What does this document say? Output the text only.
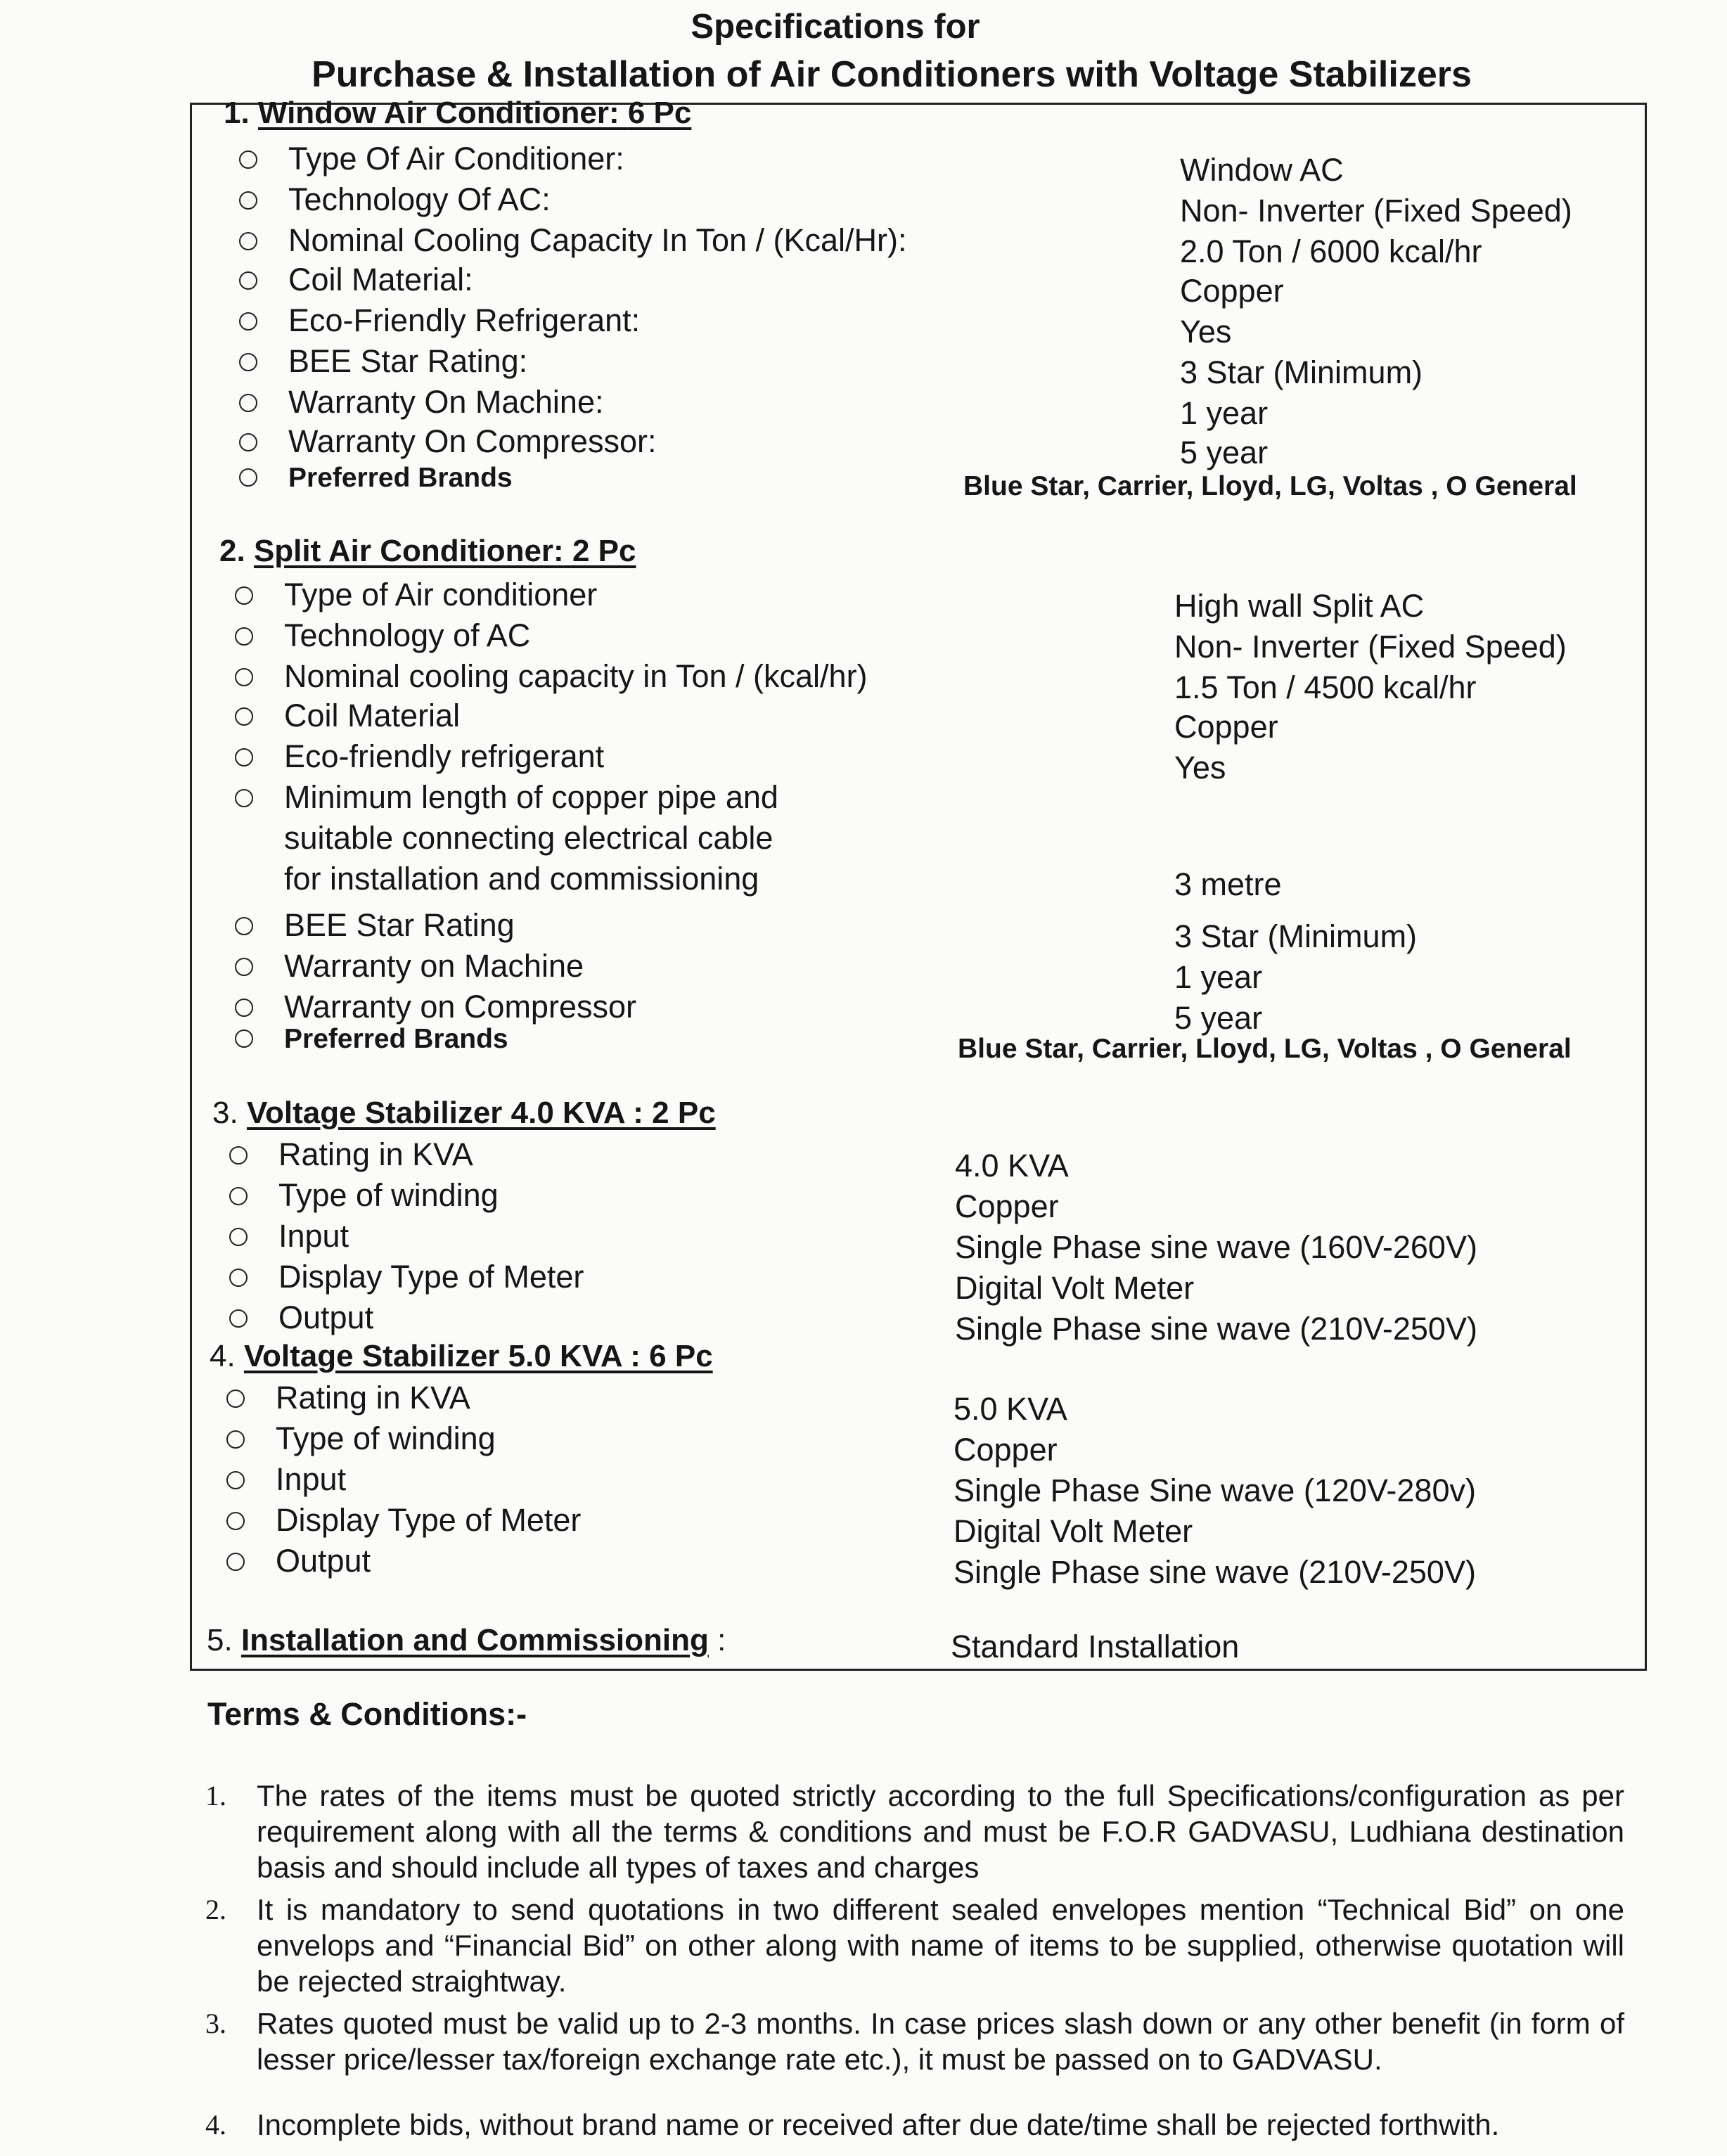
Specifications for
Purchase & Installation of Air Conditioners with Voltage Stabilizers
1. Window Air Conditioner: 6 Pc
Type Of Air Conditioner:	Window AC
Technology Of AC:	Non- Inverter (Fixed Speed)
Nominal Cooling Capacity In Ton / (Kcal/Hr):	2.0 Ton / 6000 kcal/hr
Coil Material:	Copper
Eco-Friendly Refrigerant:	Yes
BEE Star Rating:	3 Star (Minimum)
Warranty On Machine:	1 year
Warranty On Compressor:	5 year
Preferred Brands	Blue Star, Carrier, Lloyd, LG, Voltas , O General
2. Split Air Conditioner: 2 Pc
Type of Air conditioner	High wall Split AC
Technology of AC	Non- Inverter (Fixed Speed)
Nominal cooling capacity in Ton / (kcal/hr)	1.5 Ton / 4500 kcal/hr
Coil Material	Copper
Eco-friendly refrigerant	Yes
Minimum length of copper pipe and
suitable connecting electrical cable
for installation and commissioning	3 metre
BEE Star Rating	3 Star (Minimum)
Warranty on Machine	1 year
Warranty on Compressor	5 year
Preferred Brands	Blue Star, Carrier, Lloyd, LG, Voltas , O General
3. Voltage Stabilizer 4.0 KVA : 2 Pc
Rating in KVA	4.0 KVA
Type of winding	Copper
Input	Single Phase sine wave (160V-260V)
Display Type of Meter	Digital Volt Meter
Output	Single Phase sine wave (210V-250V)
4. Voltage Stabilizer 5.0 KVA : 6 Pc
Rating in KVA	5.0 KVA
Type of winding	Copper
Input	Single Phase Sine wave (120V-280v)
Display Type of Meter	Digital Volt Meter
Output	Single Phase sine wave (210V-250V)
5. Installation and Commissioning :	Standard Installation
Terms & Conditions:-
1. The rates of the items must be quoted strictly according to the full Specifications/configuration as per requirement along with all the terms & conditions and must be F.O.R GADVASU, Ludhiana destination basis and should include all types of taxes and charges
2. It is mandatory to send quotations in two different sealed envelopes mention “Technical Bid” on one envelops and “Financial Bid” on other along with name of items to be supplied, otherwise quotation will be rejected straightway.
3. Rates quoted must be valid up to 2-3 months. In case prices slash down or any other benefit (in form of lesser price/lesser tax/foreign exchange rate etc.), it must be passed on to GADVASU.
4. Incomplete bids, without brand name or received after due date/time shall be rejected forthwith.
